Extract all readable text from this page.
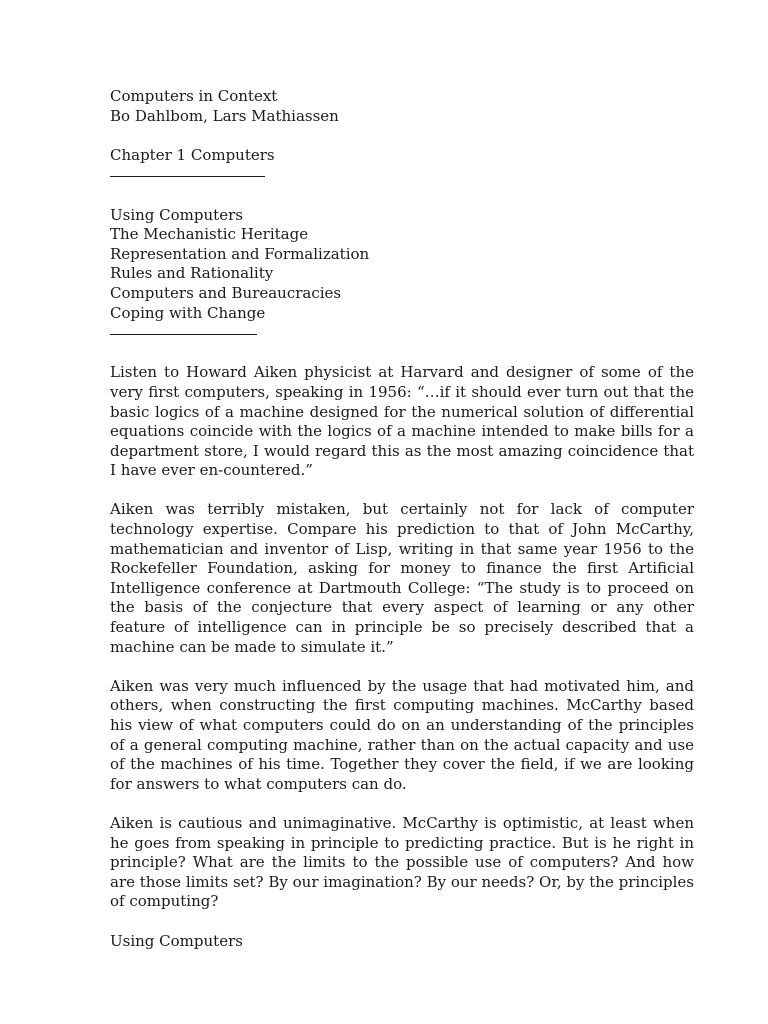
Computers in Context
Bo Dahlbom, Lars Mathiassen
Chapter 1 Computers
Using Computers
The Mechanistic Heritage
Representation and Formalization
Rules and Rationality
Computers and Bureaucracies
Coping with Change

Listen to Howard Aiken physicist at Harvard and designer of some of the very first computers, speaking in 1956: “…if it should ever turn out that the basic logics of a machine designed for the numerical solution of differential equations coincide with the logics of a machine intended to make bills for a department store, I would regard this as the most amazing coincidence that I have ever en-countered.”

Aiken was terribly mistaken, but certainly not for lack of computer technology expertise. Compare his prediction to that of John McCarthy, mathematician and inventor of Lisp, writing in that same year 1956 to the Rockefeller Foundation, asking for money to finance the first Artificial Intelligence conference at Dartmouth College: “The study is to proceed on the basis of the conjecture that every aspect of learning or any other feature of intelligence can in principle be so precisely described that a machine can be made to simulate it.”

Aiken was very much influenced by the usage that had motivated him, and others, when constructing the first computing machines. McCarthy based his view of what computers could do on an understanding of the principles of a general computing machine, rather than on the actual capacity and use of the machines of his time. Together they cover the field, if we are looking for answers to what computers can do.

Aiken is cautious and unimaginative. McCarthy is optimistic, at least when he goes from speaking in principle to predicting practice. But is he right in principle? What are the limits to the possible use of computers? And how are those limits set? By our imagination? By our needs? Or, by the principles of computing?

Using Computers
